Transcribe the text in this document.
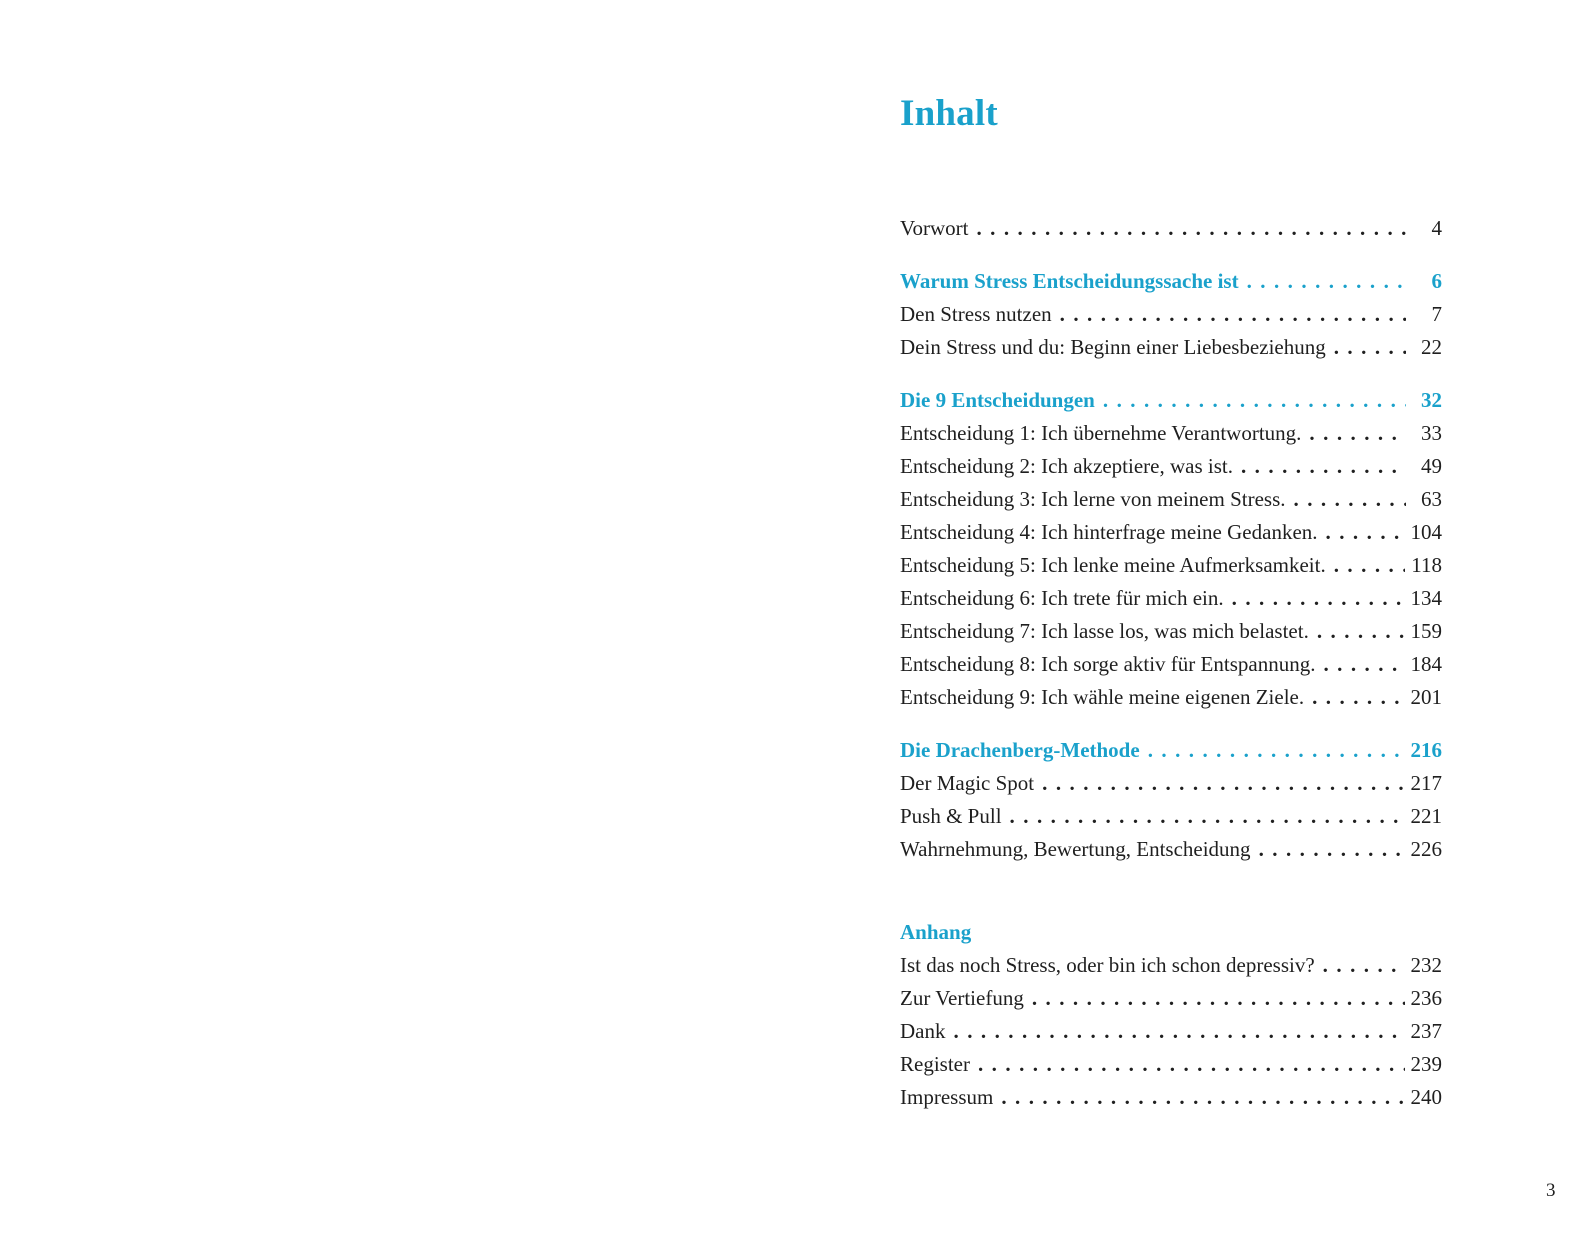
Inhalt
Vorwort . . .	4
Warum Stress Entscheidungssache ist . . .	6
Den Stress nutzen . . .	7
Dein Stress und du: Beginn einer Liebesbeziehung . . .	22
Die 9 Entscheidungen . . .	32
Entscheidung 1: Ich übernehme Verantwortung. . . .	33
Entscheidung 2: Ich akzeptiere, was ist. . . .	49
Entscheidung 3: Ich lerne von meinem Stress. . . .	63
Entscheidung 4: Ich hinterfrage meine Gedanken. . . .	104
Entscheidung 5: Ich lenke meine Aufmerksamkeit. . . .	118
Entscheidung 6: Ich trete für mich ein. . . .	134
Entscheidung 7: Ich lasse los, was mich belastet. . . .	159
Entscheidung 8: Ich sorge aktiv für Entspannung. . . .	184
Entscheidung 9: Ich wähle meine eigenen Ziele. . . .	201
Die Drachenberg-Methode . . .	216
Der Magic Spot . . .	217
Push & Pull . . .	221
Wahrnehmung, Bewertung, Entscheidung . . .	226
Anhang
Ist das noch Stress, oder bin ich schon depressiv? . . .	232
Zur Vertiefung . . .	236
Dank . . .	237
Register . . .	239
Impressum . . .	240
3
